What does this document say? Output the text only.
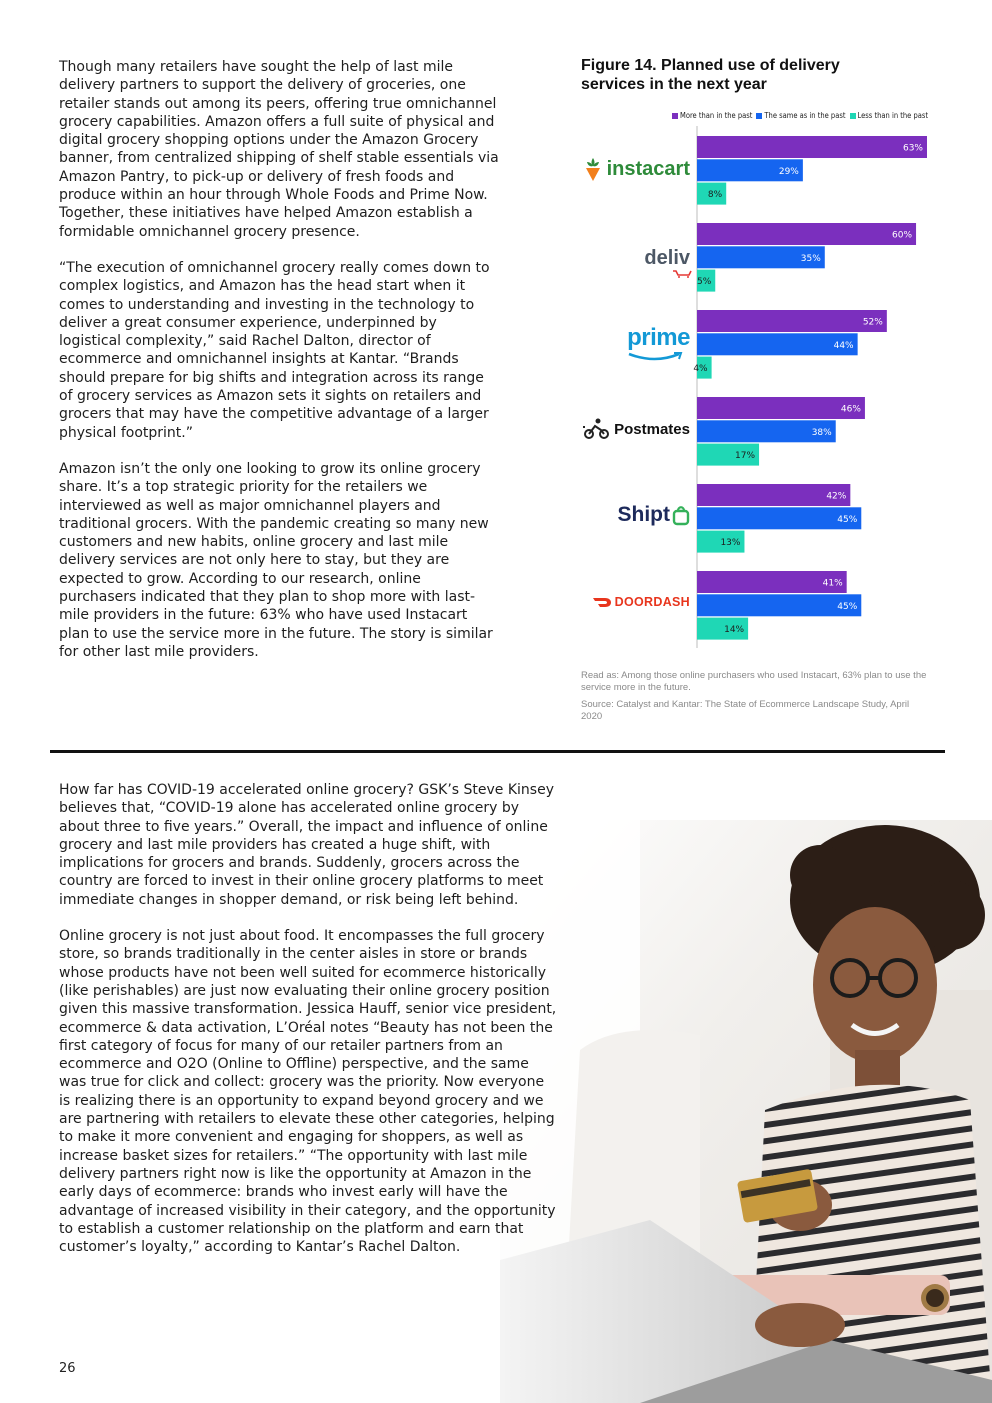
Though many retailers have sought the help of last mile delivery partners to support the delivery of groceries, one retailer stands out among its peers, offering true omnichannel grocery capabilities. Amazon offers a full suite of physical and digital grocery shopping options under the Amazon Grocery banner, from centralized shipping of shelf stable essentials via Amazon Pantry, to pick-up or delivery of fresh foods and produce within an hour through Whole Foods and Prime Now. Together, these initiatives have helped Amazon establish a formidable omnichannel grocery presence.

“The execution of omnichannel grocery really comes down to complex logistics, and Amazon has the head start when it comes to understanding and investing in the technology to deliver a great consumer experience, underpinned by logistical complexity,” said Rachel Dalton, director of ecommerce and omnichannel insights at Kantar. “Brands should prepare for big shifts and integration across its range of grocery services as Amazon sets it sights on retailers and grocers that may have the competitive advantage of a larger physical footprint.”

Amazon isn’t the only one looking to grow its online grocery share. It’s a top strategic priority for the retailers we interviewed as well as major omnichannel players and traditional grocers. With the pandemic creating so many new customers and new habits, online grocery and last mile delivery services are not only here to stay, but they are expected to grow. According to our research, online purchasers indicated that they plan to shop more with last-mile providers in the future: 63% who have used Instacart plan to use the service more in the future. The story is similar for other last mile providers.

Figure 14. Planned use of delivery services in the next year
More than in the past	The same as in the past	Less than in the past
instacart
deliv
prime
Postmates
Shipt
DOORDASH
63%
29%
8%
60%
35%
5%
52%
44%
4%
46%
38%
17%
42%
45%
13%
41%
45%
14%
Read as: Among those online purchasers who used Instacart, 63% plan to use the service more in the future.
Source: Catalyst and Kantar: The State of Ecommerce Landscape Study, April 2020

How far has COVID-19 accelerated online grocery? GSK’s Steve Kinsey believes that, “COVID-19 alone has accelerated online grocery by about three to five years.” Overall, the impact and influence of online grocery and last mile providers has created a huge shift, with implications for grocers and brands. Suddenly, grocers across the country are forced to invest in their online grocery platforms to meet immediate changes in shopper demand, or risk being left behind.

Online grocery is not just about food. It encompasses the full grocery store, so brands traditionally in the center aisles in store or brands whose products have not been well suited for ecommerce historically (like perishables) are just now evaluating their online grocery position given this massive transformation. Jessica Hauff, senior vice president, ecommerce & data activation, L’Oréal notes “Beauty has not been the first category of focus for many of our retailer partners from an ecommerce and O2O (Online to Offline) perspective, and the same was true for click and collect: grocery was the priority. Now everyone is realizing there is an opportunity to expand beyond grocery and we are partnering with retailers to elevate these other categories, helping to make it more convenient and engaging for shoppers, as well as increase basket sizes for retailers.” “The opportunity with last mile delivery partners right now is like the opportunity at Amazon in the early days of ecommerce: brands who invest early will have the advantage of increased visibility in their category, and the opportunity to establish a customer relationship on the platform and earn that customer’s loyalty,” according to Kantar’s Rachel Dalton.

26
